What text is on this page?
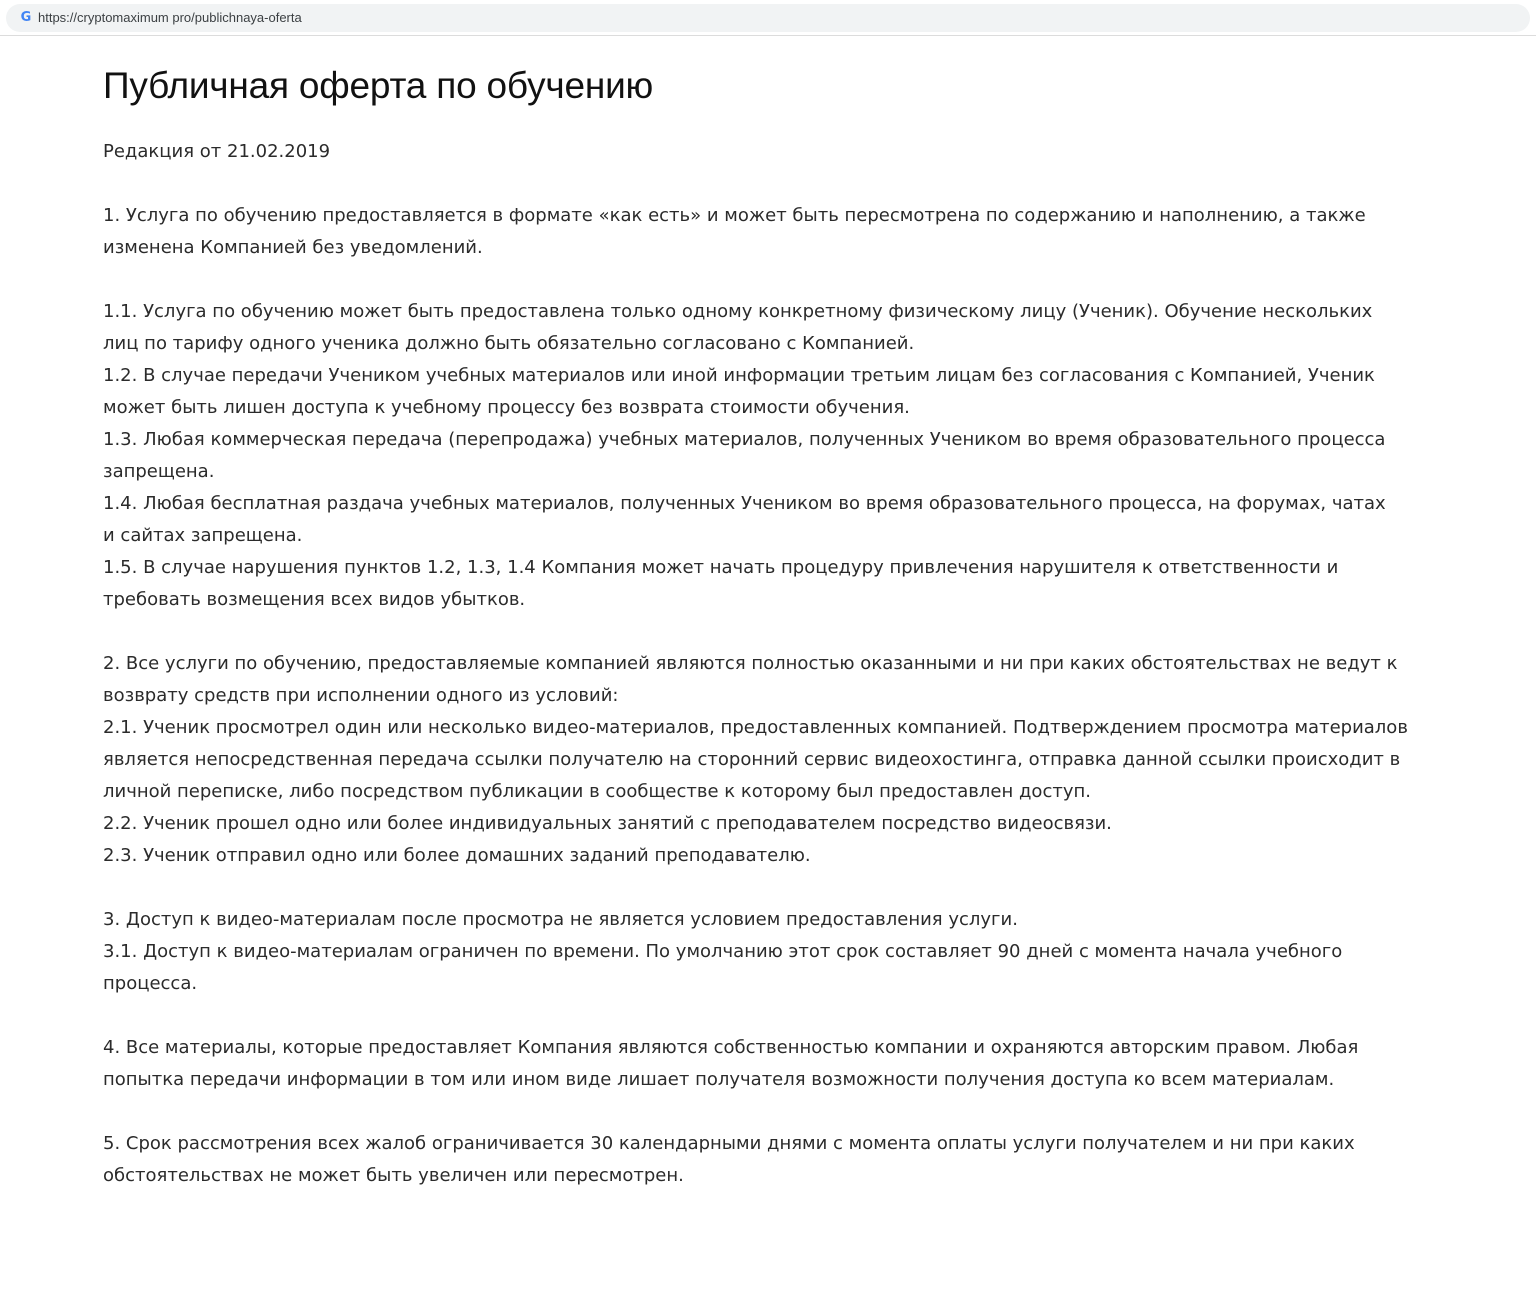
G https://cryptomaximum pro/publichnaya-oferta
Публичная оферта по обучению
Редакция от 21.02.2019

1. Услуга по обучению предоставляется в формате «как есть» и может быть пересмотрена по содержанию и наполнению, а также
изменена Компанией без уведомлений.

1.1. Услуга по обучению может быть предоставлена только одному конкретному физическому лицу (Ученик). Обучение нескольких
лиц по тарифу одного ученика должно быть обязательно согласовано с Компанией.
1.2. В случае передачи Учеником учебных материалов или иной информации третьим лицам без согласования с Компанией, Ученик
может быть лишен доступа к учебному процессу без возврата стоимости обучения.
1.3. Любая коммерческая передача (перепродажа) учебных материалов, полученных Учеником во время образовательного процесса
запрещена.
1.4. Любая бесплатная раздача учебных материалов, полученных Учеником во время образовательного процесса, на форумах, чатах
и сайтах запрещена.
1.5. В случае нарушения пунктов 1.2, 1.3, 1.4 Компания может начать процедуру привлечения нарушителя к ответственности и
требовать возмещения всех видов убытков.

2. Все услуги по обучению, предоставляемые компанией являются полностью оказанными и ни при каких обстоятельствах не ведут к
возврату средств при исполнении одного из условий:
2.1. Ученик просмотрел один или несколько видео-материалов, предоставленных компанией. Подтверждением просмотра материалов
является непосредственная передача ссылки получателю на сторонний сервис видеохостинга, отправка данной ссылки происходит в
личной переписке, либо посредством публикации в сообществе к которому был предоставлен доступ.
2.2. Ученик прошел одно или более индивидуальных занятий с преподавателем посредство видеосвязи.
2.3. Ученик отправил одно или более домашних заданий преподавателю.

3. Доступ к видео-материалам после просмотра не является условием предоставления услуги.
3.1. Доступ к видео-материалам ограничен по времени. По умолчанию этот срок составляет 90 дней с момента начала учебного
процесса.

4. Все материалы, которые предоставляет Компания являются собственностью компании и охраняются авторским правом. Любая
попытка передачи информации в том или ином виде лишает получателя возможности получения доступа ко всем материалам.

5. Срок рассмотрения всех жалоб ограничивается 30 календарными днями с момента оплаты услуги получателем и ни при каких
обстоятельствах не может быть увеличен или пересмотрен.
